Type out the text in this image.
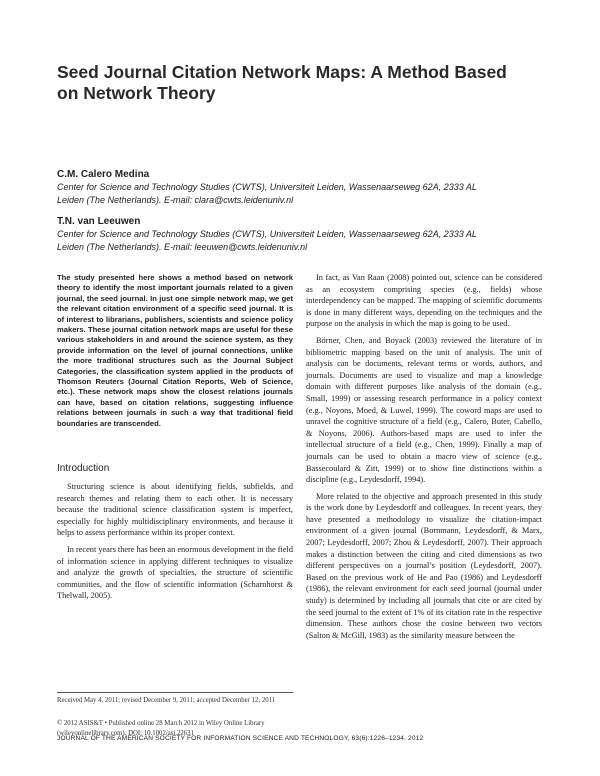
Seed Journal Citation Network Maps: A Method Based
on Network Theory
C.M. Calero Medina
Center for Science and Technology Studies (CWTS), Universiteit Leiden, Wassenaarseweg 62A, 2333 AL
Leiden (The Netherlands). E-mail: clara@cwts.leidenuniv.nl
T.N. van Leeuwen
Center for Science and Technology Studies (CWTS), Universiteit Leiden, Wassenaarseweg 62A, 2333 AL
Leiden (The Netherlands). E-mail: leeuwen@cwts.leidenuniv.nl
The study presented here shows a method based on network theory to identify the most important journals related to a given journal, the seed journal. In just one simple network map, we get the relevant citation environment of a specific seed journal. It is of interest to librarians, publishers, scientists and science policy makers. These journal citation network maps are useful for these various stakeholders in and around the science system, as they provide information on the level of journal connections, unlike the more traditional structures such as the Journal Subject Categories, the classification system applied in the products of Thomson Reuters (Journal Citation Reports, Web of Science, etc.). These network maps show the closest relations journals can have, based on citation relations, suggesting influence relations between journals in such a way that traditional field boundaries are transcended.
Introduction

Structuring science is about identifying fields, subfields, and research themes and relating them to each other. It is necessary because the traditional science classification system is imperfect, especially for highly multidisciplinary environments, and because it helps to assess performance within its proper context.

In recent years there has been an enormous development in the field of information science in applying different techniques to visualize and analyze the growth of specialties, the structure of scientific communities, and the flow of scientific information (Scharnhorst & Thelwall, 2005).

Received May 4, 2011; revised December 9, 2011; accepted December 12, 2011
© 2012 ASIS&T • Published online 28 March 2012 in Wiley Online Library (wileyonlinelibrary.com). DOI: 10.1002/asi.22631

In fact, as Van Raan (2008) pointed out, science can be considered as an ecosystem comprising species (e.g., fields) whose interdependency can be mapped. The mapping of scientific documents is done in many different ways, depending on the techniques and the purpose on the analysis in which the map is going to be used.

Börner, Chen, and Boyack (2003) reviewed the literature of in bibliometric mapping based on the unit of analysis. The unit of analysis can be documents, relevant terms or words, authors, and journals. Documents are used to visualize and map a knowledge domain with different purposes like analysis of the domain (e.g., Small, 1999) or assessing research performance in a policy context (e.g., Noyons, Moed, & Luwel, 1999). The coword maps are used to unravel the cognitive structure of a field (e.g., Calero, Buter, Cabello, & Noyons, 2006). Authors-based maps are used to infer the intellectual structure of a field (e.g., Chen, 1999). Finally a map of journals can be used to obtain a macro view of science (e.g., Bassecoulard & Zitt, 1999) or to show fine distinctions within a discipline (e.g., Leydesdorff, 1994).

More related to the objective and approach presented in this study is the work done by Leydesdorff and colleagues. In recent years, they have presented a methodology to visualize the citation-impact environment of a given journal (Bornmann, Leydesdorff, & Marx, 2007; Leydesdorff, 2007; Zhou & Leydesdorff, 2007). Their approach makes a distinction between the citing and cited dimensions as two different perspectives on a journal’s position (Leydesdorff, 2007). Based on the previous work of He and Pao (1986) and Leydesdorff (1986), the relevant environment for each seed journal (journal under study) is determined by including all journals that cite or are cited by the seed journal to the extent of 1% of its citation rate in the respective dimension. These authors chose the cosine between two vectors (Salton & McGill, 1983) as the similarity measure between the

JOURNAL OF THE AMERICAN SOCIETY FOR INFORMATION SCIENCE AND TECHNOLOGY, 63(6):1226–1234, 2012
